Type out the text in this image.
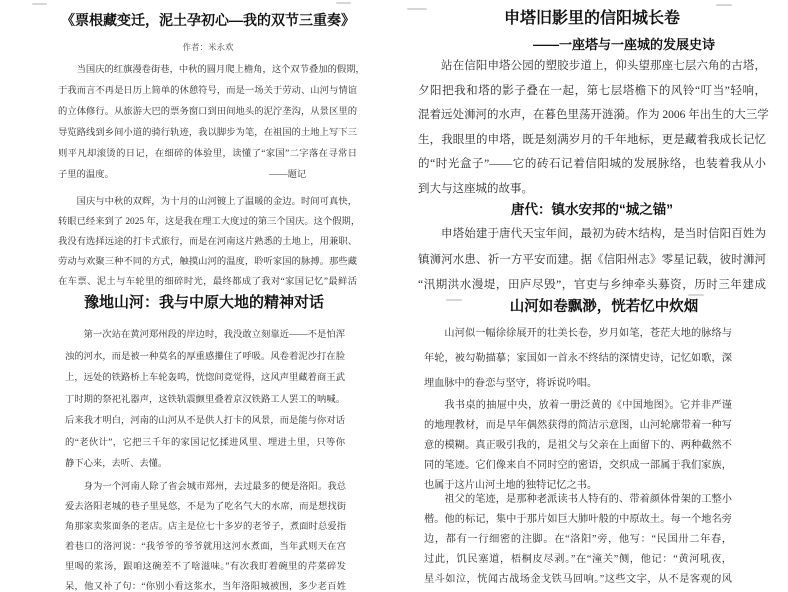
《票根藏变迁，泥土孕初心—我的双节三重奏》
作者：米永欢
当国庆的红旗漫卷街巷，中秋的圆月爬上檐角，这个双节叠加的假期，
于我而言不再是日历上简单的休憩符号，而是一场关于劳动、山河与情谊
的立体修行。从旅游大巴的票务窗口到田间地头的泥泞垄沟，从景区里的
导览路线到乡间小道的骑行轨迹，我以脚步为笔，在祖国的土地上写下三
则平凡却滚烫的日记，在细碎的体验里，读懂了“家国”二字落在寻常日
子里的温度。	——题记
国庆与中秋的双辉，为十月的山河镀上了温暖的金边。时间可真快，
转眼已经来到了 2025 年，这是我在理工大度过的第三个国庆。这个假期，
我没有选择远途的打卡式旅行，而是在河南这片熟悉的土地上，用兼职、
劳动与欢聚三种不同的方式，触摸山河的温度，聆听家国的脉搏。那些藏
在车票、泥土与车轮里的细碎时光，最终都成了我对“家国记忆”最鲜活
豫地山河：我与中原大地的精神对话
第一次站在黄河郑州段的岸边时，我没敢立刻靠近——不是怕浑
浊的河水，而是被一种莫名的厚重感攥住了呼吸。风卷着泥沙打在脸
上，远处的铁路桥上车轮轰鸣，恍惚间竟觉得，这风声里藏着商王武
丁时期的祭祀礼器声，这铁轨震颤里叠着京汉铁路工人罢工的呐喊。
后来我才明白，河南的山河从不是供人打卡的风景，而是能与你对话
的“老伙计”，它把三千年的家国记忆揉进风里、埋进土里，只等你
静下心来，去听、去懂。
身为一个河南人除了省会城市郑州，去过最多的便是洛阳。我总
爱去洛阳老城的巷子里晃悠，不是为了吃名气大的水席，而是想找街
角那家卖浆面条的老店。店主是位七十多岁的老爷子，煮面时总爱指
着巷口的洛河说：“我爷爷的爷爷就用这河水煮面，当年武则天在宫
里喝的浆汤，跟咱这碗差不了啥滋味。”有次我盯着碗里的芹菜碎发
呆，他又补了句：“你别小看这浆水，当年洛阳城被围，多少老百姓
申塔旧影里的信阳城长卷
——一座塔与一座城的发展史诗
站在信阳申塔公园的塑胶步道上，仰头望那座七层六角的古塔，
夕阳把我和塔的影子叠在一起，第七层塔檐下的风铃“叮当”轻响，
混着远处浉河的水声，在暮色里荡开涟漪。作为 2006 年出生的大三学
生，我眼里的申塔，既是刻满岁月的千年地标，更是藏着我成长记忆
的“时光盒子”——它的砖石记着信阳城的发展脉络，也装着我从小
到大与这座城的故事。
唐代：镇水安邦的“城之锚”
申塔始建于唐代天宝年间，最初为砖木结构，是当时信阳百姓为
镇浉河水患、祈一方平安而建。据《信阳州志》零星记载，彼时浉河
“汛期洪水漫堤，田庐尽毁”，官吏与乡绅牵头募资，历时三年建成
山河如卷飘渺，恍若忆中炊烟
山河似一幅徐徐展开的壮美长卷，岁月如笔，苍茫大地的脉络与
年轮，被勾勒描摹；家国如一首永不终结的深情史诗，记忆如歌，深
埋血脉中的眷恋与坚守，将诉说吟唱。
我书桌的抽屉中央，放着一册泛黄的《中国地图》。它并非严谨
的地理教材，而是早年偶然获得的简洁示意图，山河轮廓带着一种写
意的模糊。真正吸引我的，是祖父与父亲在上面留下的、两种截然不
同的笔迹。它们像来自不同时空的密语，交织成一部属于我们家族，
也属于这片山河土地的独特记忆之书。
祖父的笔迹，是那种老派读书人特有的、带着颜体骨架的工整小
楷。他的标记，集中于那片如巨大肺叶般的中原故土。每一个地名旁
边，都有一行细密的注脚。在“洛阳”旁，他写：“民国卅二年春，
过此，饥民塞道，梧桐皮尽剥。”在“潼关”侧，他记：“黄河吼夜，
星斗如泣，恍闻古战场金戈铁马回响。”这些文字，从不是客观的风
